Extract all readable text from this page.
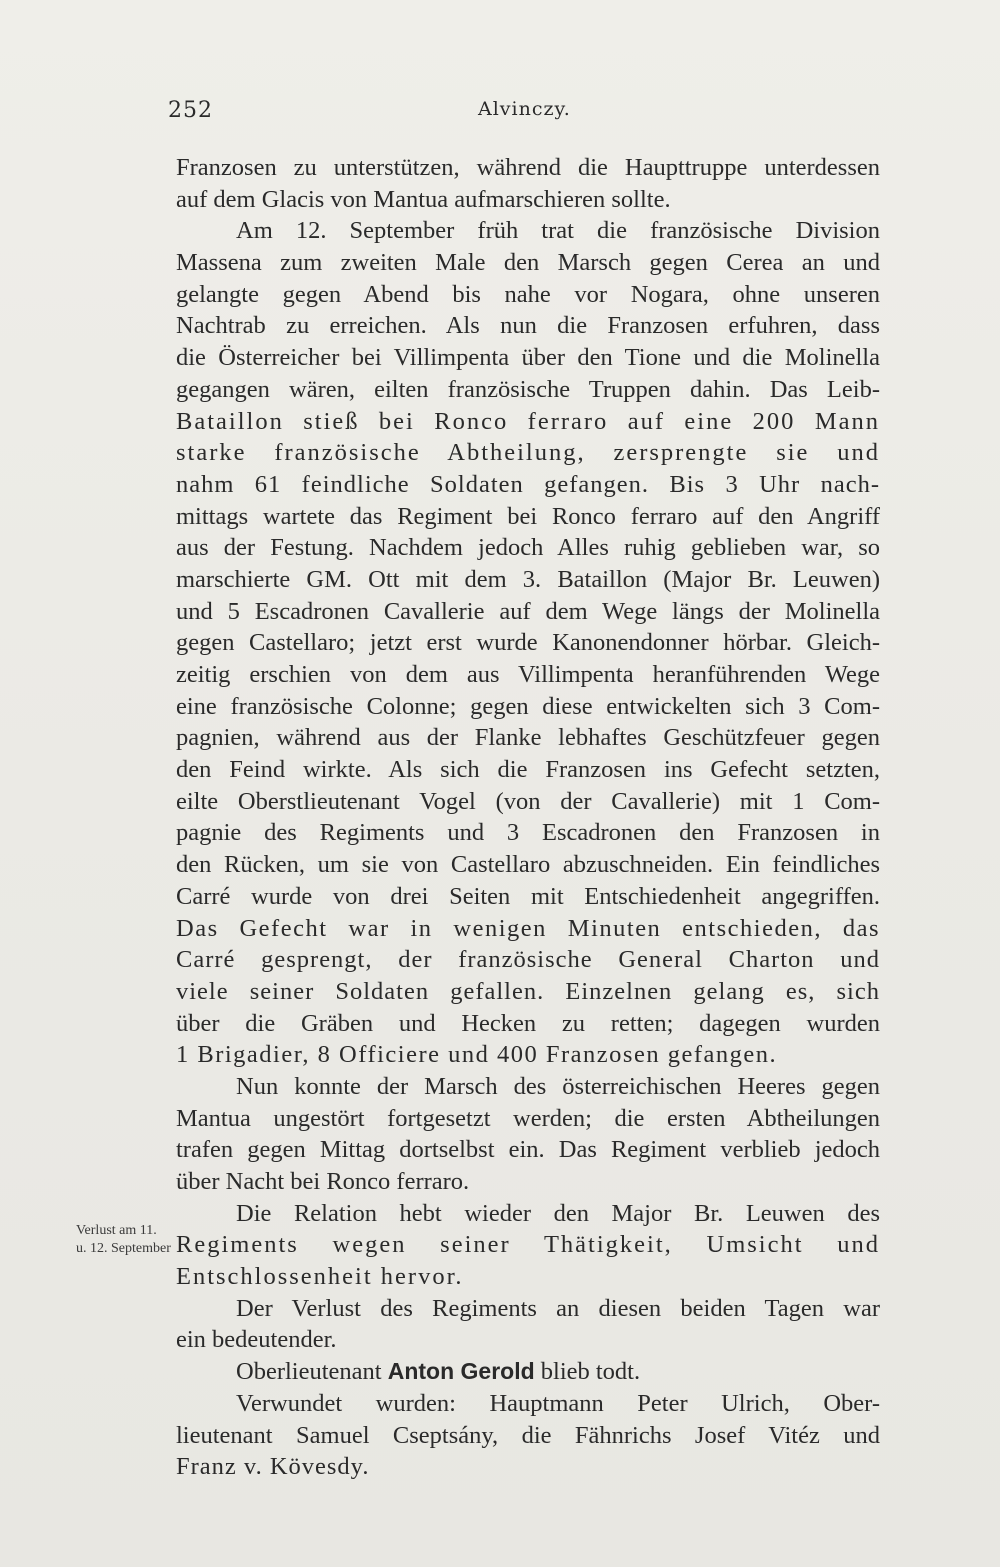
252	Alvinczy.
Verlust am 11.
u. 12. September
Franzosen zu unterstützen, während die Haupttruppe unterdessen
auf dem Glacis von Mantua aufmarschieren sollte.
Am 12. September früh trat die französische Division
Massena zum zweiten Male den Marsch gegen Cerea an und
gelangte gegen Abend bis nahe vor Nogara, ohne unseren
Nachtrab zu erreichen. Als nun die Franzosen erfuhren, dass
die Österreicher bei Villimpenta über den Tione und die Molinella
gegangen wären, eilten französische Truppen dahin. Das Leib-
Bataillon stieß bei Ronco ferraro auf eine 200 Mann
starke französische Abtheilung, zersprengte sie und
nahm 61 feindliche Soldaten gefangen. Bis 3 Uhr nach-
mittags wartete das Regiment bei Ronco ferraro auf den Angriff
aus der Festung. Nachdem jedoch Alles ruhig geblieben war, so
marschierte GM. Ott mit dem 3. Bataillon (Major Br. Leuwen)
und 5 Escadronen Cavallerie auf dem Wege längs der Molinella
gegen Castellaro; jetzt erst wurde Kanonendonner hörbar. Gleich-
zeitig erschien von dem aus Villimpenta heranführenden Wege
eine französische Colonne; gegen diese entwickelten sich 3 Com-
pagnien, während aus der Flanke lebhaftes Geschützfeuer gegen
den Feind wirkte. Als sich die Franzosen ins Gefecht setzten,
eilte Oberstlieutenant Vogel (von der Cavallerie) mit 1 Com-
pagnie des Regiments und 3 Escadronen den Franzosen in
den Rücken, um sie von Castellaro abzuschneiden. Ein feindliches
Carré wurde von drei Seiten mit Entschiedenheit angegriffen.
Das Gefecht war in wenigen Minuten entschieden, das
Carré gesprengt, der französische General Charton und
viele seiner Soldaten gefallen. Einzelnen gelang es, sich
über die Gräben und Hecken zu retten; dagegen wurden
1 Brigadier, 8 Officiere und 400 Franzosen gefangen.
Nun konnte der Marsch des österreichischen Heeres gegen
Mantua ungestört fortgesetzt werden; die ersten Abtheilungen
trafen gegen Mittag dortselbst ein. Das Regiment verblieb jedoch
über Nacht bei Ronco ferraro.
Die Relation hebt wieder den Major Br. Leuwen des
Regiments wegen seiner Thätigkeit, Umsicht und
Entschlossenheit hervor.
Der Verlust des Regiments an diesen beiden Tagen war
ein bedeutender.
Oberlieutenant Anton Gerold blieb todt.
Verwundet wurden: Hauptmann Peter Ulrich, Ober-
lieutenant Samuel Cseptsány, die Fähnrichs Josef Vitéz und
Franz v. Kövesdy.
